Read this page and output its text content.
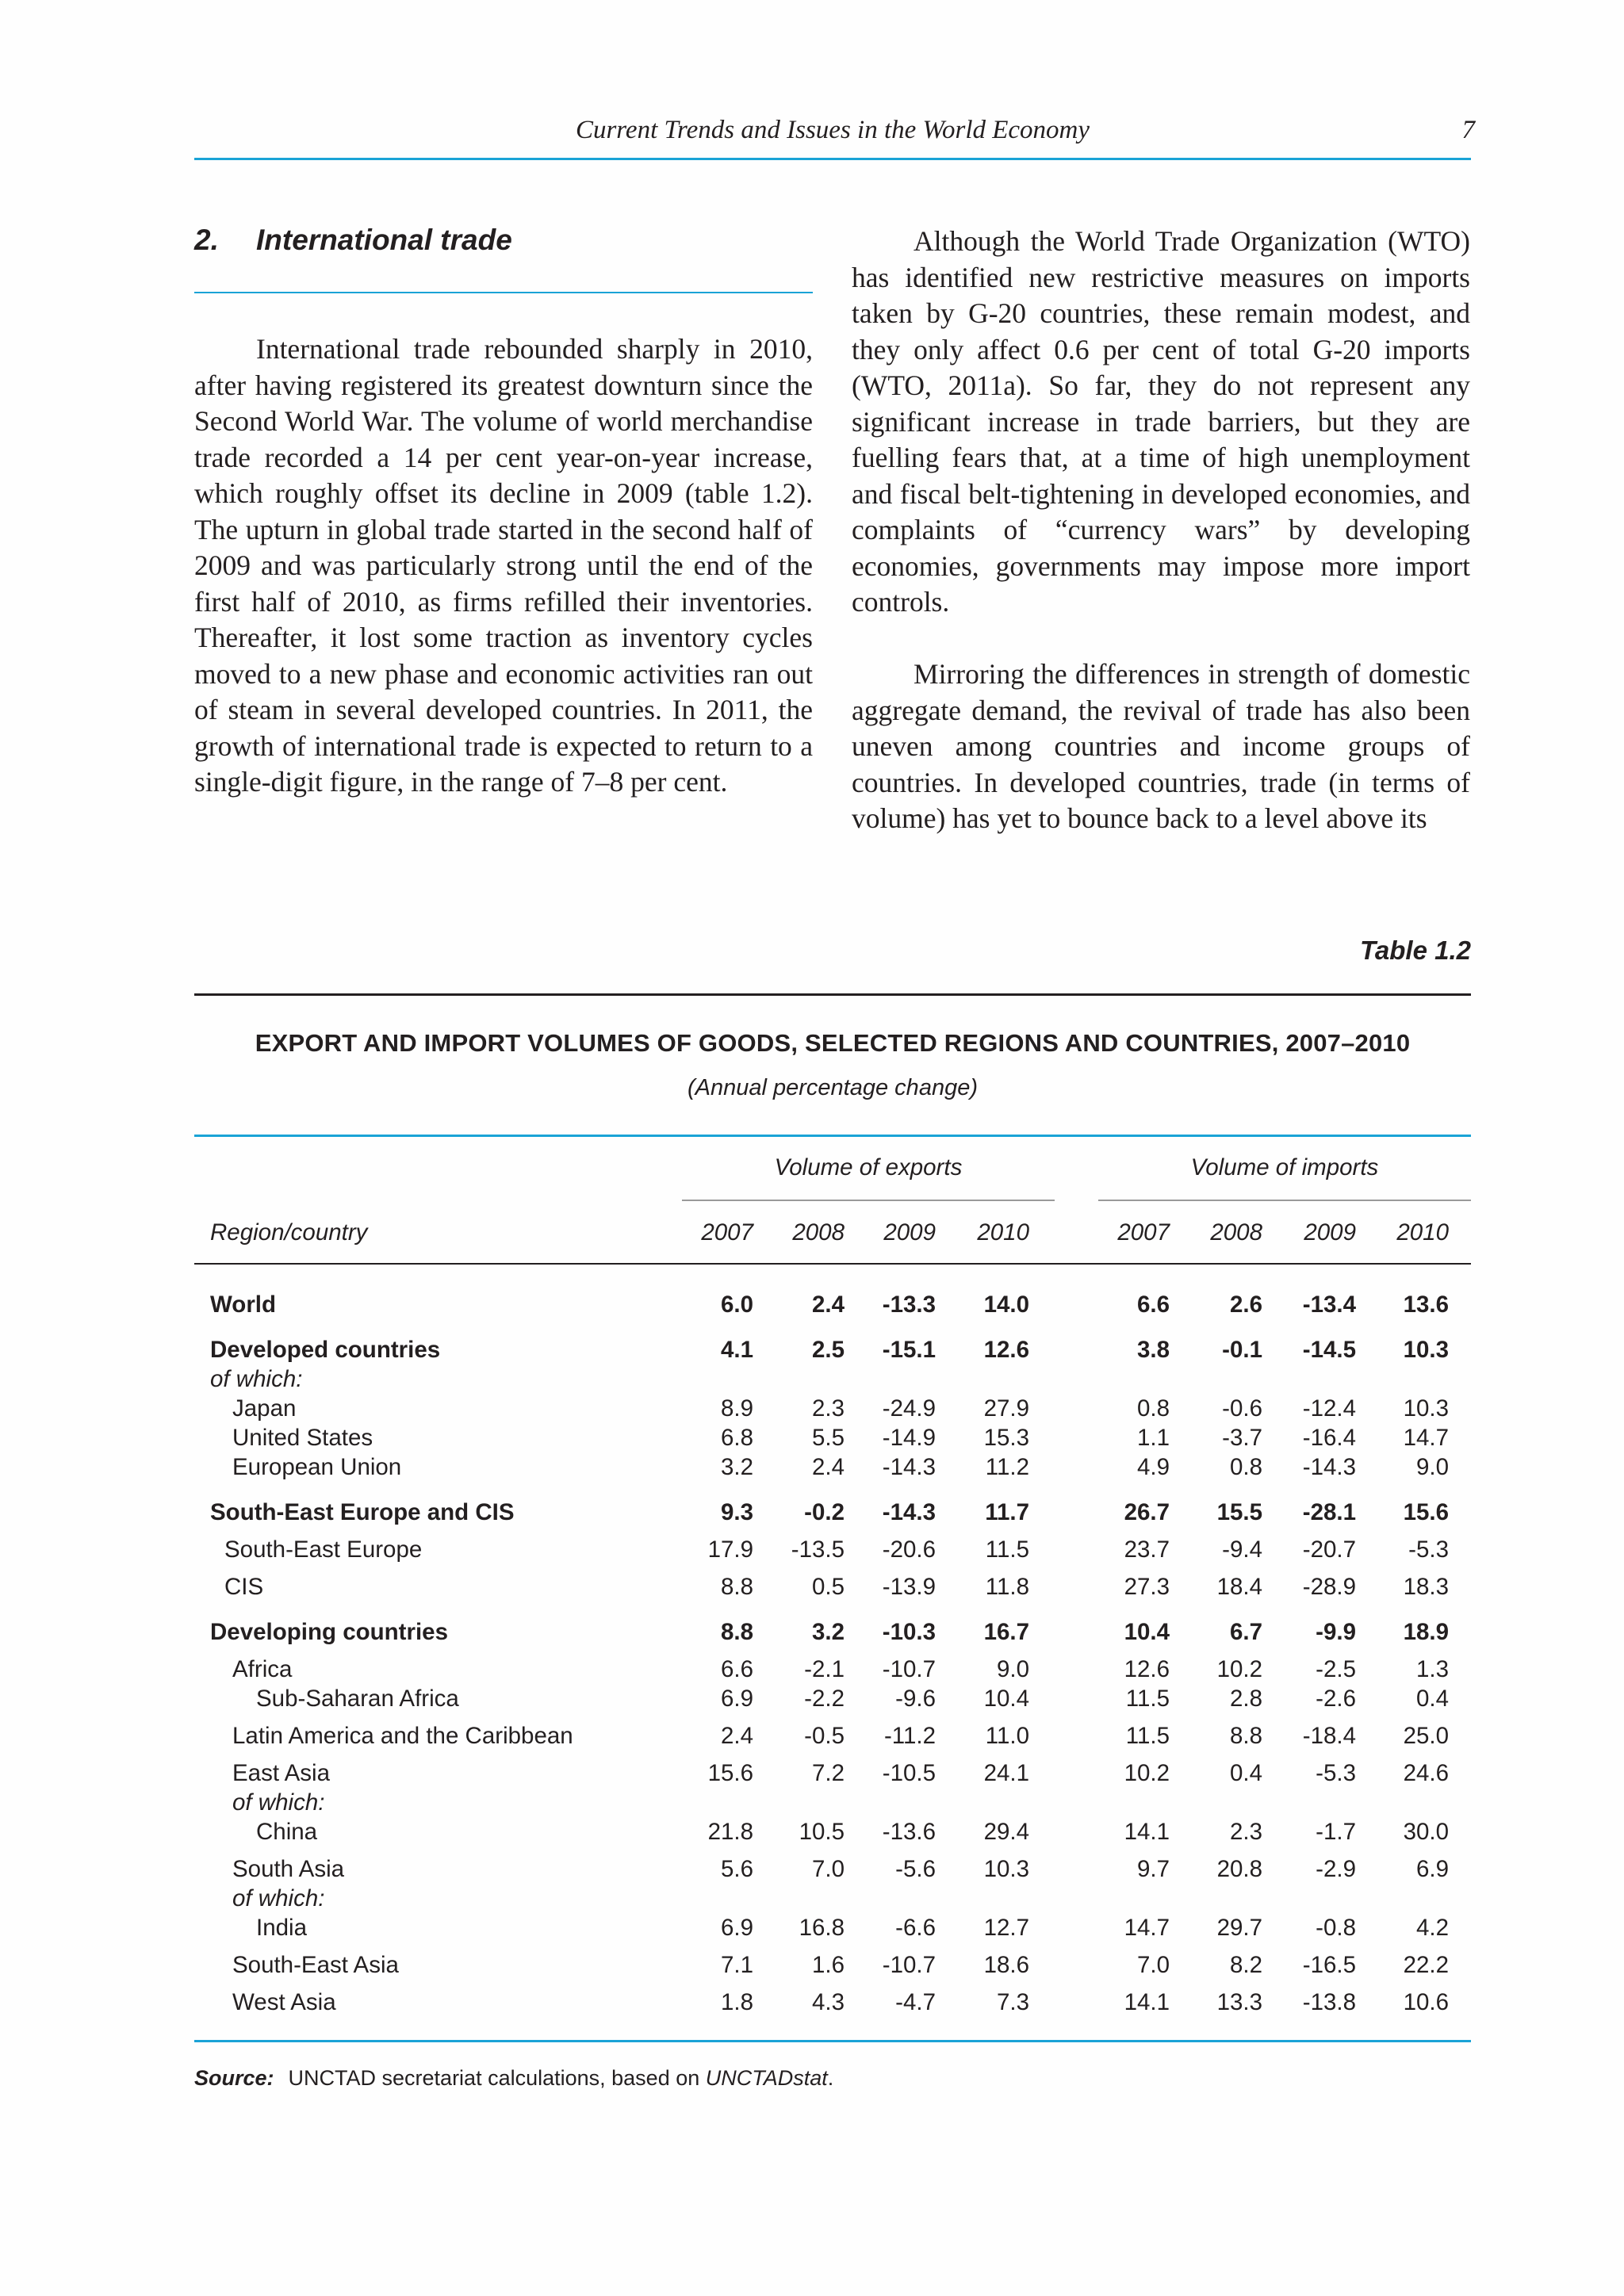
Current Trends and Issues in the World Economy	7
2. International trade

International trade rebounded sharply in 2010, after having registered its greatest downturn since the Second World War. The volume of world merchandise trade recorded a 14 per cent year-on-year increase, which roughly offset its decline in 2009 (table 1.2). The upturn in global trade started in the second half of 2009 and was particularly strong until the end of the first half of 2010, as firms refilled their inventories. Thereafter, it lost some traction as inventory cycles moved to a new phase and economic activities ran out of steam in several developed countries. In 2011, the growth of international trade is expected to return to a single-digit figure, in the range of 7–8 per cent.

Although the World Trade Organization (WTO) has identified new restrictive measures on imports taken by G-20 countries, these remain modest, and they only affect 0.6 per cent of total G-20 imports (WTO, 2011a). So far, they do not represent any significant increase in trade barriers, but they are fuelling fears that, at a time of high unemployment and fiscal belt-tightening in developed economies, and complaints of “currency wars” by developing economies, governments may impose more import controls.

Mirroring the differences in strength of domestic aggregate demand, the revival of trade has also been uneven among countries and income groups of countries. In developed countries, trade (in terms of volume) has yet to bounce back to a level above its

Table 1.2
EXPORT AND IMPORT VOLUMES OF GOODS, SELECTED REGIONS AND COUNTRIES, 2007–2010
(Annual percentage change)
Volume of exports	Volume of imports
Region/country	2007	2008	2009	2010	2007	2008	2009	2010
World	6.0	2.4	-13.3	14.0	6.6	2.6	-13.4	13.6
Developed countries	4.1	2.5	-15.1	12.6	3.8	-0.1	-14.5	10.3
of which:
Japan	8.9	2.3	-24.9	27.9	0.8	-0.6	-12.4	10.3
United States	6.8	5.5	-14.9	15.3	1.1	-3.7	-16.4	14.7
European Union	3.2	2.4	-14.3	11.2	4.9	0.8	-14.3	9.0
South-East Europe and CIS	9.3	-0.2	-14.3	11.7	26.7	15.5	-28.1	15.6
South-East Europe	17.9	-13.5	-20.6	11.5	23.7	-9.4	-20.7	-5.3
CIS	8.8	0.5	-13.9	11.8	27.3	18.4	-28.9	18.3
Developing countries	8.8	3.2	-10.3	16.7	10.4	6.7	-9.9	18.9
Africa	6.6	-2.1	-10.7	9.0	12.6	10.2	-2.5	1.3
Sub-Saharan Africa	6.9	-2.2	-9.6	10.4	11.5	2.8	-2.6	0.4
Latin America and the Caribbean	2.4	-0.5	-11.2	11.0	11.5	8.8	-18.4	25.0
East Asia	15.6	7.2	-10.5	24.1	10.2	0.4	-5.3	24.6
of which:
China	21.8	10.5	-13.6	29.4	14.1	2.3	-1.7	30.0
South Asia	5.6	7.0	-5.6	10.3	9.7	20.8	-2.9	6.9
of which:
India	6.9	16.8	-6.6	12.7	14.7	29.7	-0.8	4.2
South-East Asia	7.1	1.6	-10.7	18.6	7.0	8.2	-16.5	22.2
West Asia	1.8	4.3	-4.7	7.3	14.1	13.3	-13.8	10.6
Source: UNCTAD secretariat calculations, based on UNCTADstat.
